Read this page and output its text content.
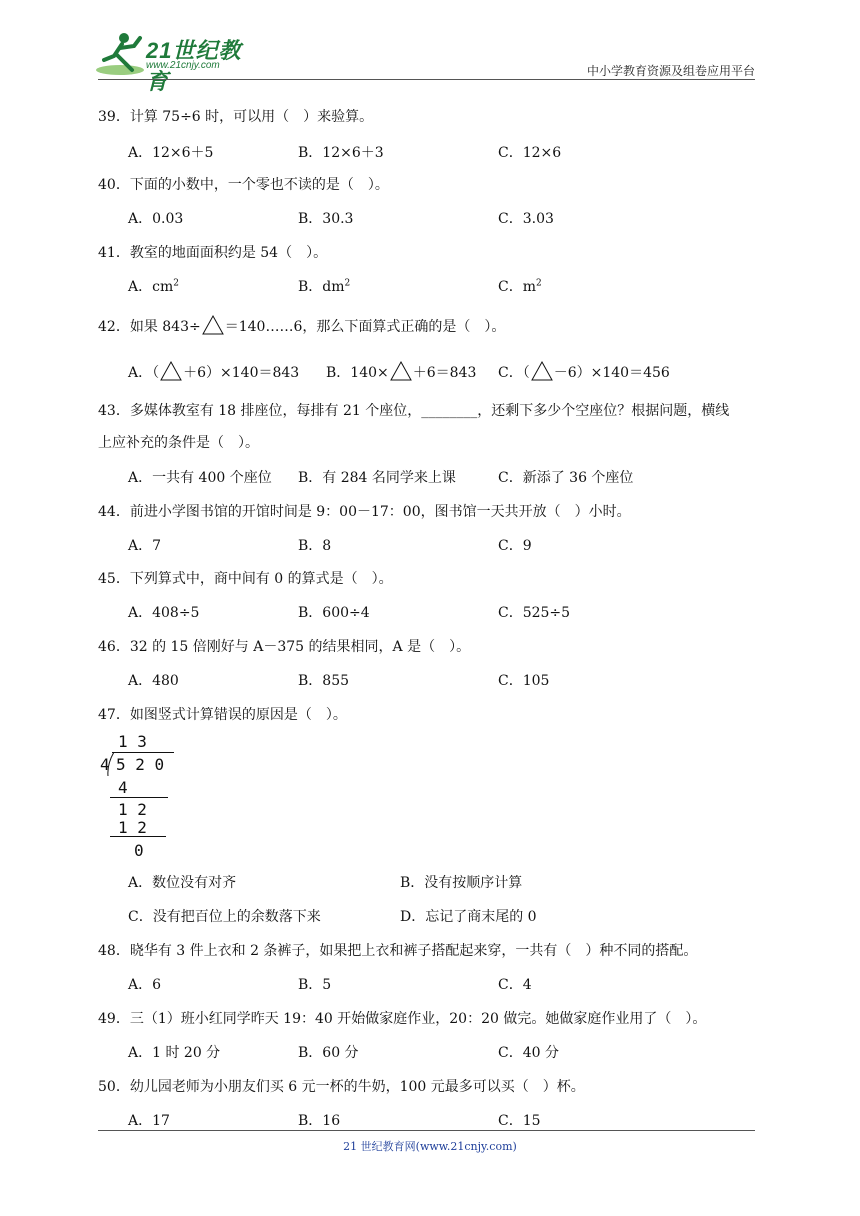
21世纪教育
www.21cnjy.com	中小学教育资源及组卷应用平台
39．计算 75÷6 时，可以用（　）来验算。
A．12×6＋5	B．12×6＋3	C．12×6
40．下面的小数中，一个零也不读的是（　）。
A．0.03	B．30.3	C．3.03
41．教室的地面面积约是 54（　）。
A．$cm^2$	B．$dm^2$	C．$m^2$
42．如果 843÷ ＝140……6，那么下面算式正确的是（　）。
A．（ ＋6）×140＝843 B．140× ＋6＝843 C．（ －6）×140＝456
43．多媒体教室有 18 排座位，每排有 21 个座位，________，还剩下多少个空座位？根据问题，横线
上应补充的条件是（　）。
A．一共有 400 个座位 B．有 284 名同学来上课	C．新添了 36 个座位
44．前进小学图书馆的开馆时间是 9：00－17：00，图书馆一天共开放（　）小时。
A．7	B．8	C．9
45．下列算式中，商中间有 0 的算式是（　）。
A．408÷5	B．600÷4	C．525÷5
46．32 的 15 倍刚好与 A－375 的结果相同，A 是（　）。
A．480	B．855	C．105
47．如图竖式计算错误的原因是（　）。
1 3
4 5 2 0
4
1 2
1 2
0
A．数位没有对齐	B．没有按顺序计算
C．没有把百位上的余数落下来	D．忘记了商末尾的 0
48．晓华有 3 件上衣和 2 条裤子，如果把上衣和裤子搭配起来穿，一共有（　）种不同的搭配。
A．6	B．5	C．4
49．三（1）班小红同学昨天 19：40 开始做家庭作业，20：20 做完。她做家庭作业用了（　）。
A．1 时 20 分	B．60 分	C．40 分
50．幼儿园老师为小朋友们买 6 元一杯的牛奶，100 元最多可以买（　）杯。
A．17	B．16	C．15
21 世纪教育网(www.21cnjy.com)
